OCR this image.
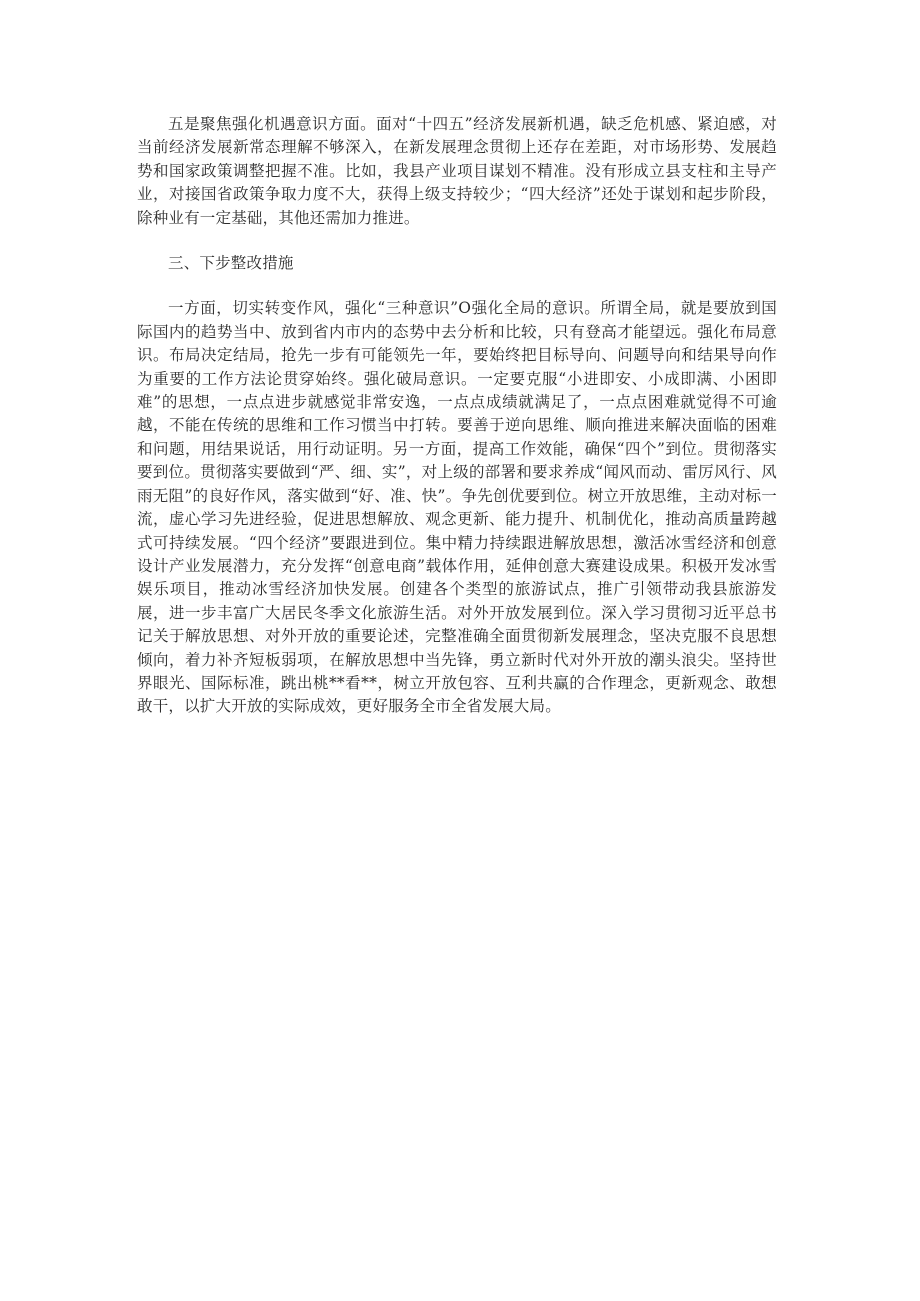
五是聚焦强化机遇意识方面。面对“十四五”经济发展新机遇，缺乏危机感、紧迫感，对当前经济发展新常态理解不够深入，在新发展理念贯彻上还存在差距，对市场形势、发展趋势和国家政策调整把握不准。比如，我县产业项目谋划不精准。没有形成立县支柱和主导产业，对接国省政策争取力度不大，获得上级支持较少；“四大经济”还处于谋划和起步阶段，除种业有一定基础，其他还需加力推进。

三、下步整改措施

一方面，切实转变作风，强化“三种意识”O强化全局的意识。所谓全局，就是要放到国际国内的趋势当中、放到省内市内的态势中去分析和比较，只有登高才能望远。强化布局意识。布局决定结局，抢先一步有可能领先一年，要始终把目标导向、问题导向和结果导向作为重要的工作方法论贯穿始终。强化破局意识。一定要克服“小进即安、小成即满、小困即难”的思想，一点点进步就感觉非常安逸，一点点成绩就满足了，一点点困难就觉得不可逾越，不能在传统的思维和工作习惯当中打转。要善于逆向思维、顺向推进来解决面临的困难和问题，用结果说话，用行动证明。另一方面，提高工作效能，确保“四个”到位。贯彻落实要到位。贯彻落实要做到“严、细、实”，对上级的部署和要求养成“闻风而动、雷厉风行、风雨无阻”的良好作风，落实做到“好、准、快”。争先创优要到位。树立开放思维，主动对标一流，虚心学习先进经验，促进思想解放、观念更新、能力提升、机制优化，推动高质量跨越式可持续发展。“四个经济”要跟进到位。集中精力持续跟进解放思想，激活冰雪经济和创意设计产业发展潜力，充分发挥“创意电商”载体作用，延伸创意大赛建设成果。积极开发冰雪娱乐项目，推动冰雪经济加快发展。创建各个类型的旅游试点，推广引领带动我县旅游发展，进一步丰富广大居民冬季文化旅游生活。对外开放发展到位。深入学习贯彻习近平总书记关于解放思想、对外开放的重要论述，完整准确全面贯彻新发展理念，坚决克服不良思想倾向，着力补齐短板弱项，在解放思想中当先锋，勇立新时代对外开放的潮头浪尖。坚持世界眼光、国际标准，跳出桃**看**，树立开放包容、互利共赢的合作理念，更新观念、敢想敢干，以扩大开放的实际成效，更好服务全市全省发展大局。
